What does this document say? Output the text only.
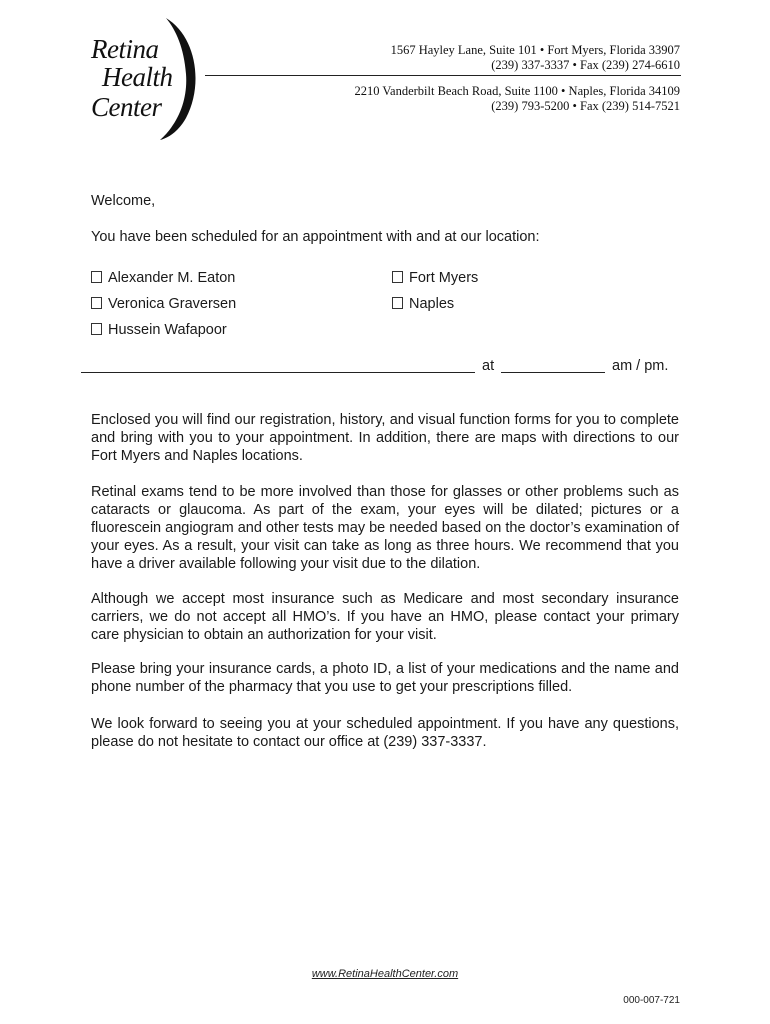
Retina
Health
Center
1567 Hayley Lane, Suite 101 • Fort Myers, Florida 33907
(239) 337-3337 • Fax (239) 274-6610
2210 Vanderbilt Beach Road, Suite 1100 • Naples, Florida 34109
(239) 793-5200 • Fax (239) 514-7521
Welcome,
You have been scheduled for an appointment with and at our location:
Alexander M. Eaton
Veronica Graversen
Hussein Wafapoor
Fort Myers
Naples
at	am / pm.
Enclosed you will find our registration, history, and visual function forms for you to complete and bring with you to your appointment. In addition, there are maps with directions to our Fort Myers and Naples locations.
Retinal exams tend to be more involved than those for glasses or other problems such as cataracts or glaucoma. As part of the exam, your eyes will be dilated; pictures or a fluorescein angiogram and other tests may be needed based on the doctor’s examination of your eyes. As a result, your visit can take as long as three hours. We recommend that you have a driver available following your visit due to the dilation.
Although we accept most insurance such as Medicare and most secondary insurance carriers, we do not accept all HMO’s. If you have an HMO, please contact your primary care physician to obtain an authorization for your visit.
Please bring your insurance cards, a photo ID, a list of your medications and the name and phone number of the pharmacy that you use to get your prescriptions filled.
We look forward to seeing you at your scheduled appointment. If you have any questions, please do not hesitate to contact our office at (239) 337-3337.
www.RetinaHealthCenter.com
000-007-721
